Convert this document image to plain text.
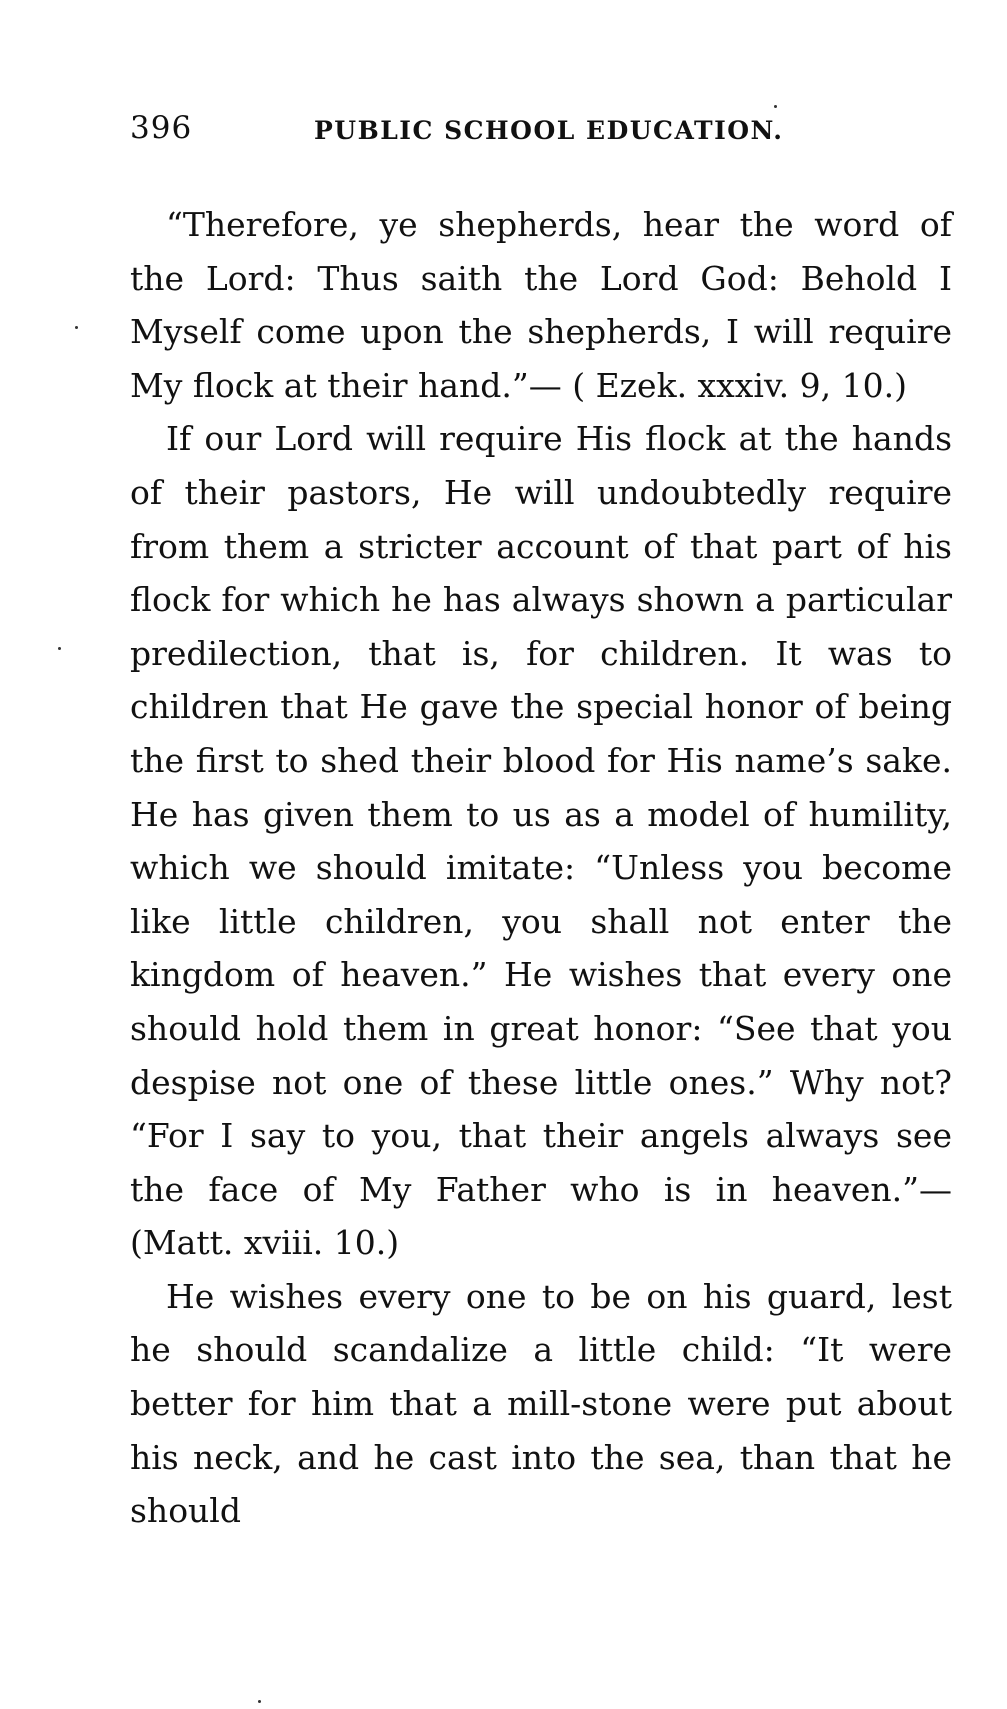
396	PUBLIC SCHOOL EDUCATION.

“Therefore, ye shepherds, hear the word of the Lord: Thus saith the Lord God: Behold I Myself come upon the shepherds, I will require My flock at their hand.”— ( Ezek. xxxiv. 9, 10.)

If our Lord will require His flock at the hands of their pastors, He will undoubtedly require from them a stricter account of that part of his flock for which he has always shown a particular predilection, that is, for children. It was to children that He gave the special honor of being the first to shed their blood for His name’s sake. He has given them to us as a model of humility, which we should imitate: “Unless you become like little children, you shall not enter the kingdom of heaven.” He wishes that every one should hold them in great honor: “See that you despise not one of these little ones.” Why not? “For I say to you, that their angels always see the face of My Father who is in heaven.”— (Matt. xviii. 10.)

He wishes every one to be on his guard, lest he should scandalize a little child: “It were better for him that a mill-stone were put about his neck, and he cast into the sea, than that he should
